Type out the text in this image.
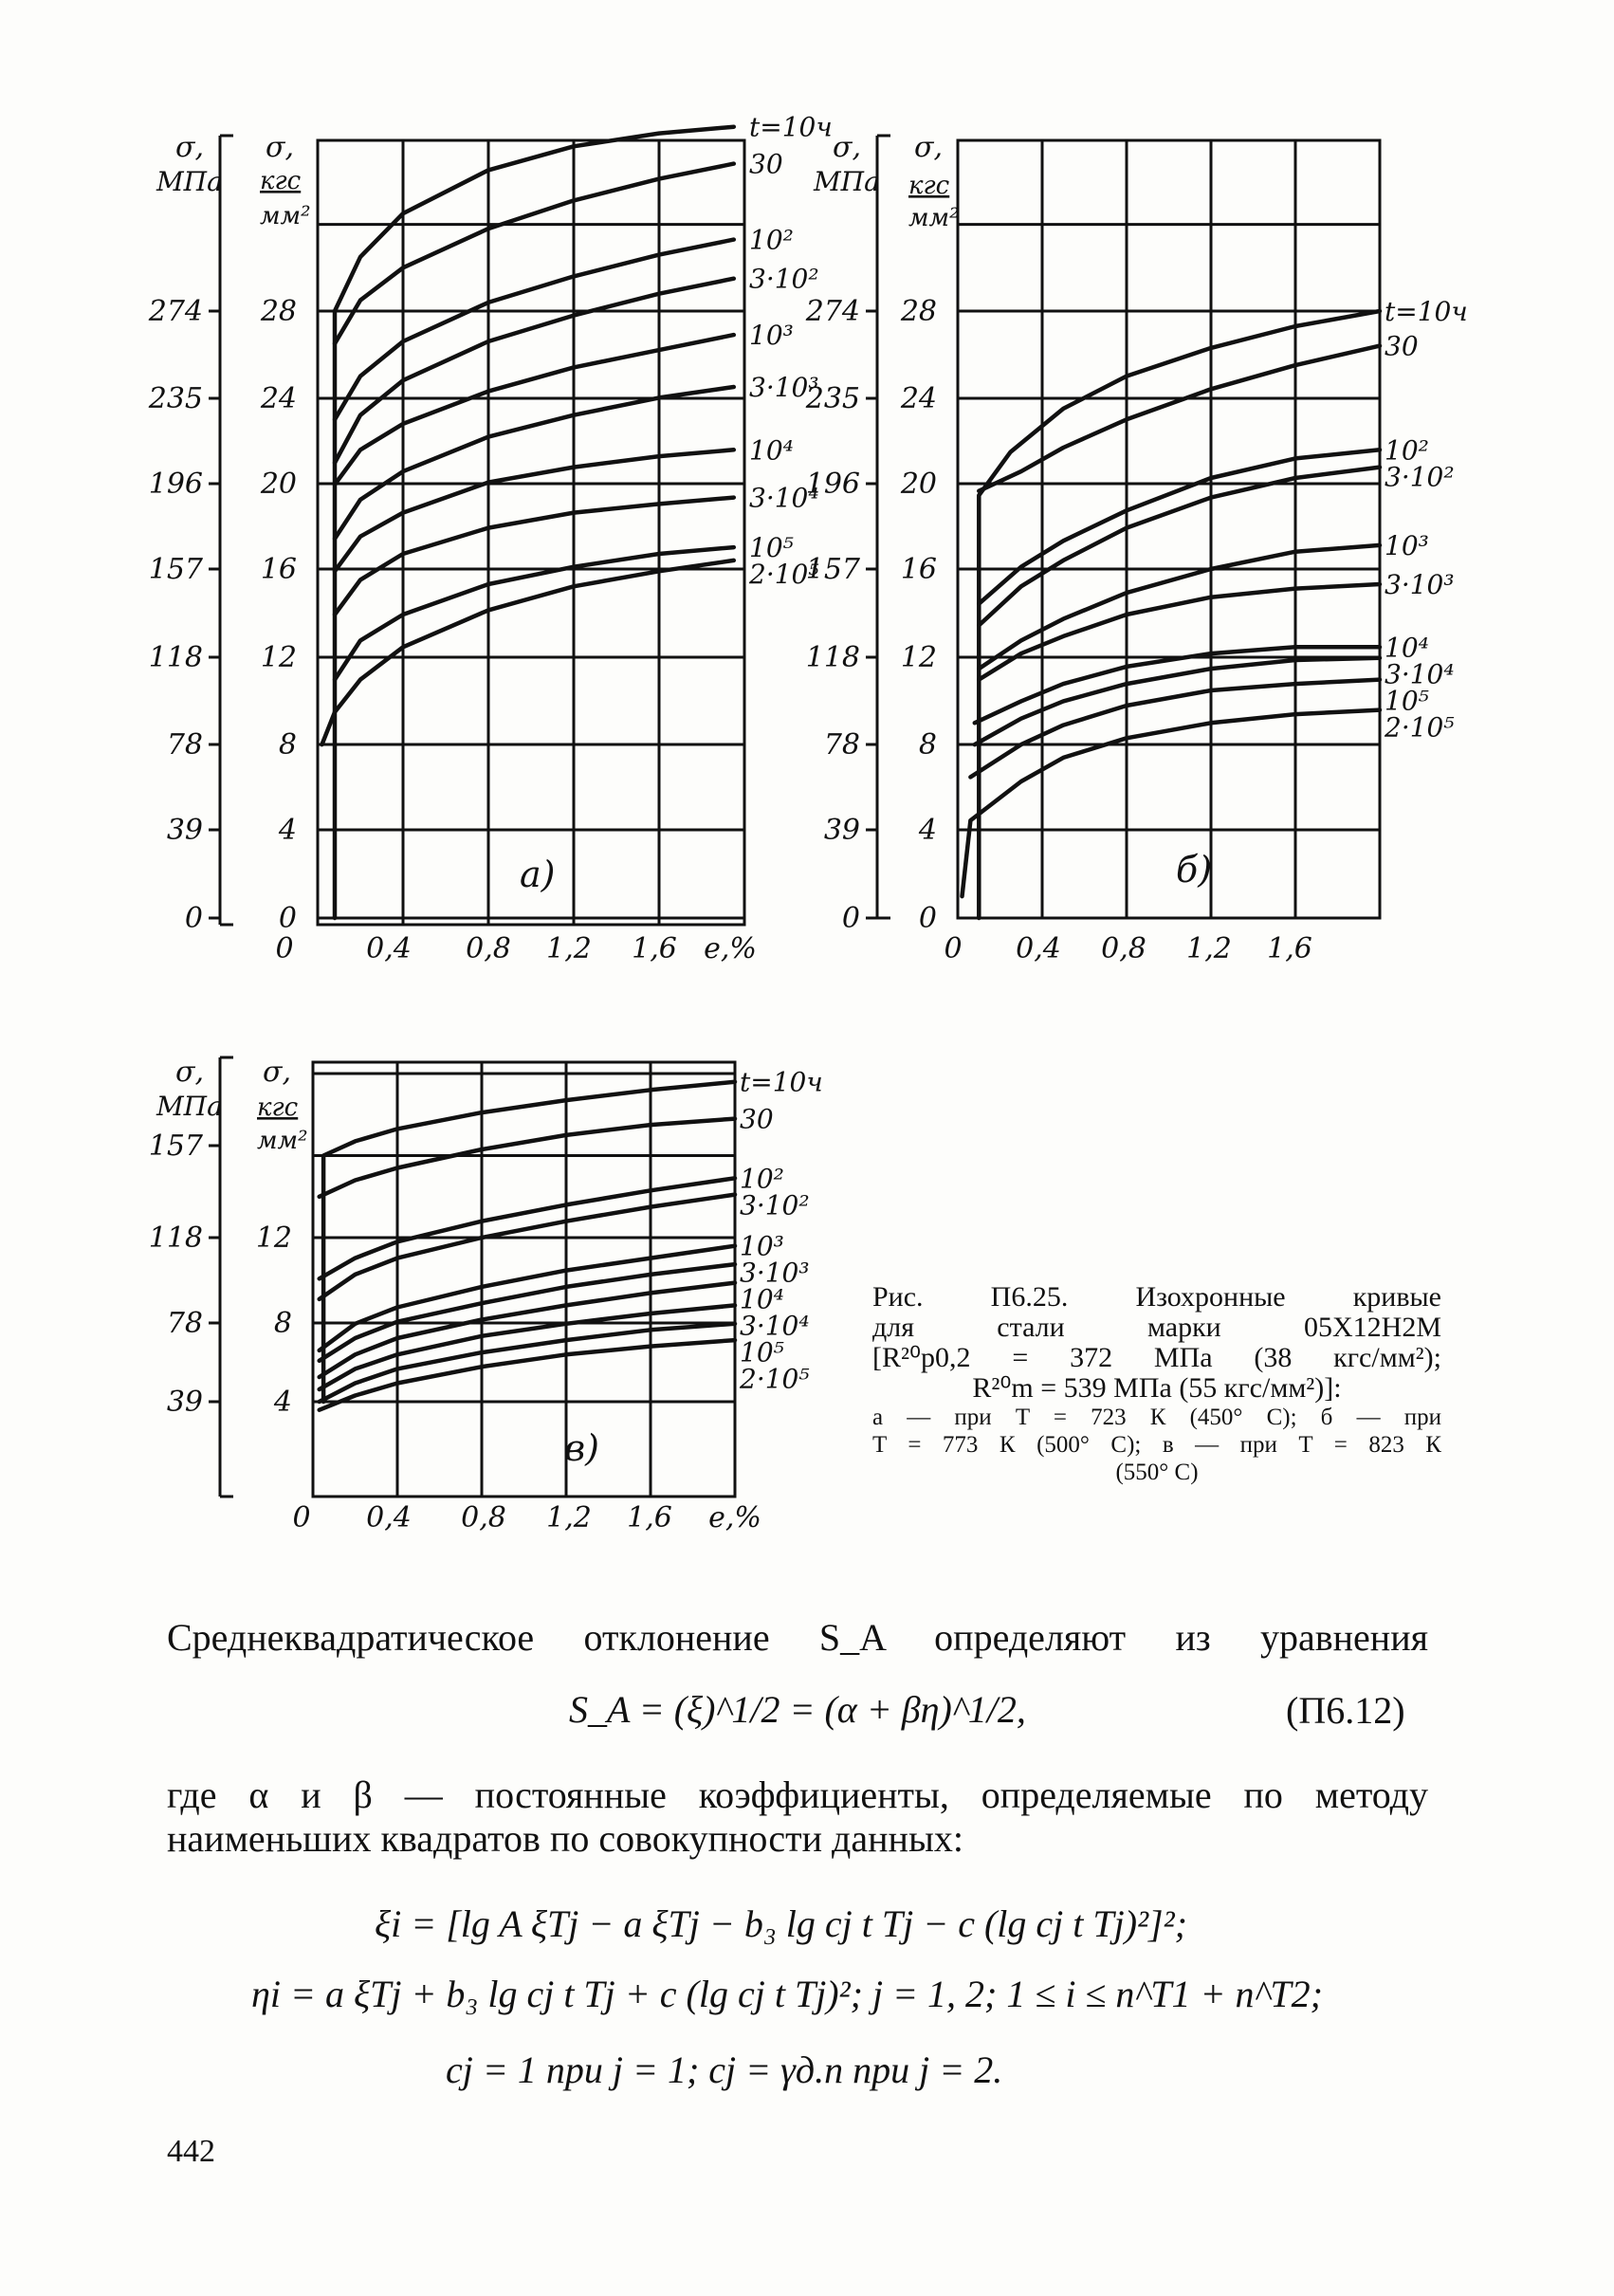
σ,
МПа
σ,
кгс
мм²
0
39
78
118
157
196
235
274
0
4
8
12
16
20
24
28
0	0,4 0,8 1,2 1,6 е,%
t=10ч
30
10²
3·10²
10³
3·10³
10⁴
3·10⁴
10⁵
2·10⁵
а)
σ,
МПа
σ,
кгс
мм²
0
39
78
118
157
196
235
274
0
4
8
12
16
20
24
28
0 0,4 0,8 1,2 1,6
t=10ч
30
10²
3·10²
10³
3·10³
10⁴
3·10⁴
10⁵
2·10⁵
б)
σ,
МПа
σ,
кгс
мм²
39
78
118
157
4
8
12
0 0,4 0,8 1,2 1,6 е,%
t=10ч
30
10²
3·10²
10³
3·10³
10⁴
3·10⁴
10⁵
2·10⁵
в)
Рис. П6.25. Изохронные кривые
для стали марки 05Х12Н2М
[R²⁰p0,2 = 372 МПа (38 кгс/мм²);
R²⁰m = 539 МПа (55 кгс/мм²)]:
а — при T = 723 К (450° С); б — при
T = 773 К (500° С); в — при T = 823 К
(550° С)
Среднеквадратическое отклонение S_A определяют из уравнения
S_A = (ξ)^1/2 = (α + βη)^1/2,	(П6.12)
где α и β — постоянные коэффициенты, определяемые по методу
наименьших квадратов по совокупности данных:
ξi = [lg A ξTj − a ξTj − b₃ lg cj t Tj − c (lg cj t Tj)²]²;
ηi = a ξTj + b₃ lg cj t Tj + c (lg cj t Tj)²; j = 1, 2; 1 ≤ i ≤ n^T1 + n^T2;
cj = 1 при j = 1; cj = γд.п при j = 2.
442
